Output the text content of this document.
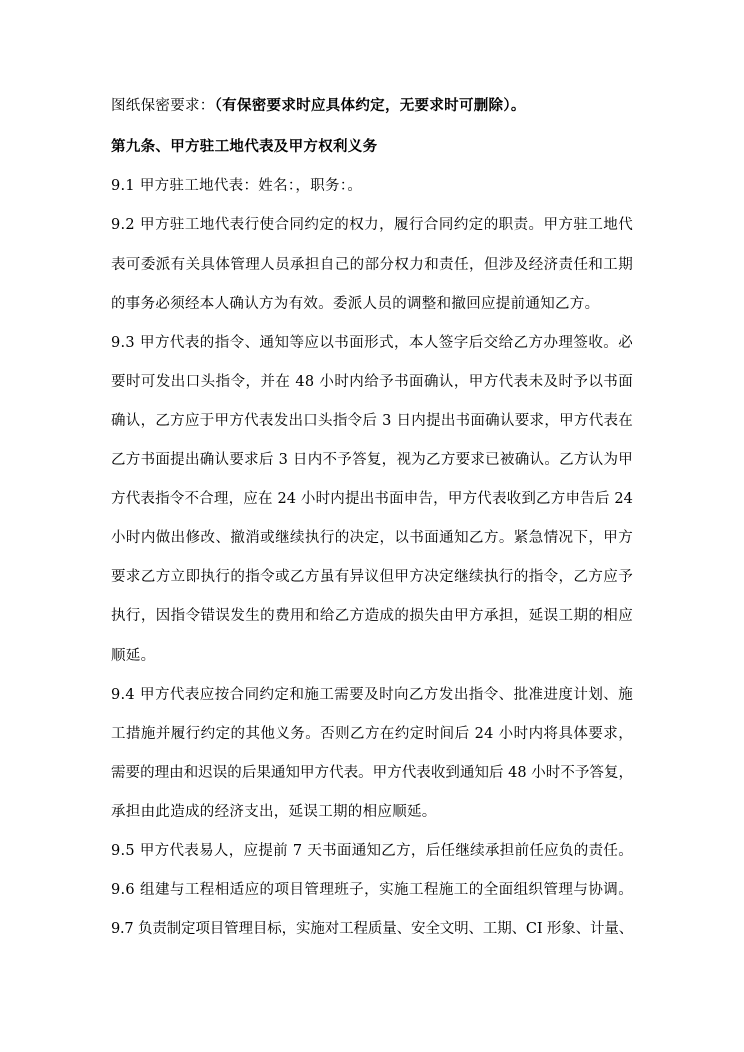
图纸保密要求：（有保密要求时应具体约定，无要求时可删除）。
第九条、甲方驻工地代表及甲方权利义务
9.1 甲方驻工地代表：姓名：，职务：。
9.2 甲方驻工地代表行使合同约定的权力，履行合同约定的职责。甲方驻工地代
表可委派有关具体管理人员承担自己的部分权力和责任，但涉及经济责任和工期
的事务必须经本人确认方为有效。委派人员的调整和撤回应提前通知乙方。
9.3 甲方代表的指令、通知等应以书面形式，本人签字后交给乙方办理签收。必
要时可发出口头指令，并在 48 小时内给予书面确认，甲方代表未及时予以书面
确认，乙方应于甲方代表发出口头指令后 3 日内提出书面确认要求，甲方代表在
乙方书面提出确认要求后 3 日内不予答复，视为乙方要求已被确认。乙方认为甲
方代表指令不合理，应在 24 小时内提出书面申告，甲方代表收到乙方申告后 24
小时内做出修改、撤消或继续执行的决定，以书面通知乙方。紧急情况下，甲方
要求乙方立即执行的指令或乙方虽有异议但甲方决定继续执行的指令，乙方应予
执行，因指令错误发生的费用和给乙方造成的损失由甲方承担，延误工期的相应
顺延。
9.4 甲方代表应按合同约定和施工需要及时向乙方发出指令、批准进度计划、施
工措施并履行约定的其他义务。否则乙方在约定时间后 24 小时内将具体要求，
需要的理由和迟误的后果通知甲方代表。甲方代表收到通知后 48 小时不予答复，
承担由此造成的经济支出，延误工期的相应顺延。
9.5 甲方代表易人，应提前 7 天书面通知乙方，后任继续承担前任应负的责任。
9.6 组建与工程相适应的项目管理班子，实施工程施工的全面组织管理与协调。
9.7 负责制定项目管理目标，实施对工程质量、安全文明、工期、CI 形象、计量、
